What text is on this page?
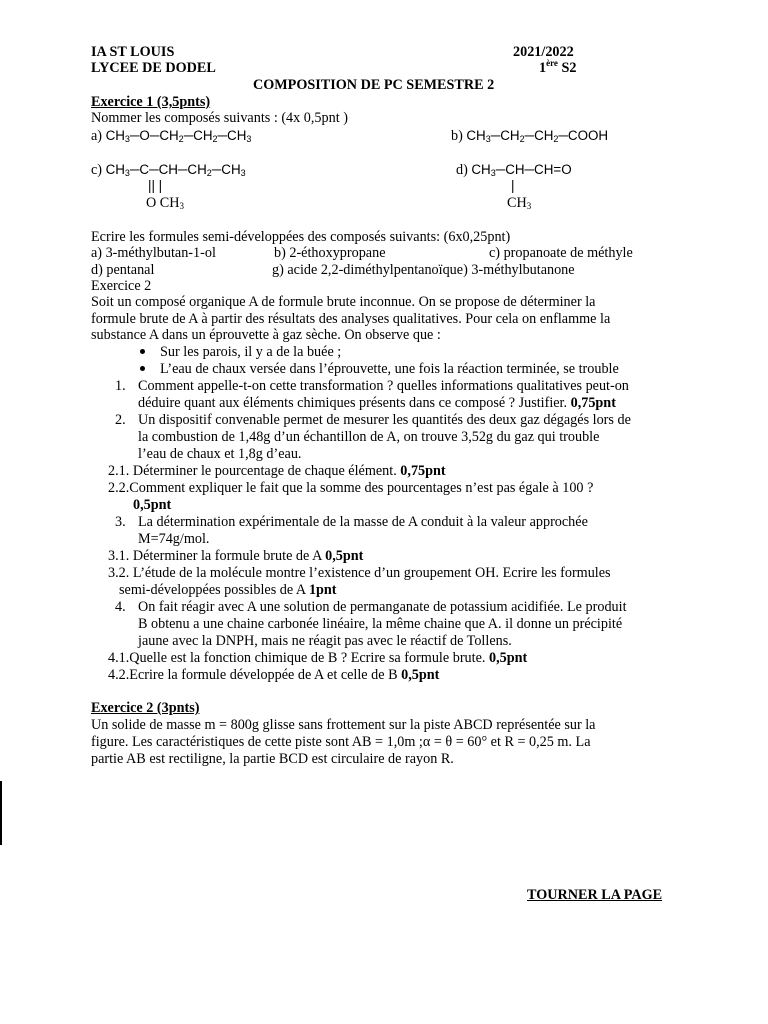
IA ST LOUIS	2021/2022
LYCEE DE DODEL	1ère S2
COMPOSITION DE PC SEMESTRE 2
Exercice 1 (3,5pnts)
Nommer les composés suivants : (4x 0,5pnt )
a) $CH_3─O─CH_2─CH_2─CH_3$	b) $CH_3─CH_2─CH_2─COOH$
c) $CH_3─C─CH─CH_2─CH_3$
|| |
O $CH_3$
d) $CH_3─CH─CH=O$
|
$CH_3$
Ecrire les formules semi-développées des composés suivants: (6x0,25pnt)
a) 3-méthylbutan-1-ol	b) 2-éthoxypropane	c) propanoate de méthyle
d) pentanal	g) acide 2,2-diméthylpentanoïque) 3-méthylbutanone
Exercice 2
Soit un composé organique A de formule brute inconnue. On se propose de déterminer la
formule brute de A à partir des résultats des analyses qualitatives. Pour cela on enflamme la
substance A dans un éprouvette à gaz sèche. On observe que :
Sur les parois, il y a de la buée ;
L’eau de chaux versée dans l’éprouvette, une fois la réaction terminée, se trouble
1. Comment appelle-t-on cette transformation ? quelles informations qualitatives peut-on
déduire quant aux éléments chimiques présents dans ce composé ? Justifier. 0,75pnt
2. Un dispositif convenable permet de mesurer les quantités des deux gaz dégagés lors de
la combustion de 1,48g d’un échantillon de A, on trouve 3,52g du gaz qui trouble
l’eau de chaux et 1,8g d’eau.
2.1. Déterminer le pourcentage de chaque élément. 0,75pnt
2.2.Comment expliquer le fait que la somme des pourcentages n’est pas égale à 100 ?
0,5pnt
3. La détermination expérimentale de la masse de A conduit à la valeur approchée
M=74g/mol.
3.1. Déterminer la formule brute de A 0,5pnt
3.2. L’étude de la molécule montre l’existence d’un groupement OH. Ecrire les formules
semi-développées possibles de A 1pnt
4. On fait réagir avec A une solution de permanganate de potassium acidifiée. Le produit
B obtenu a une chaine carbonée linéaire, la même chaine que A. il donne un précipité
jaune avec la DNPH, mais ne réagit pas avec le réactif de Tollens.
4.1.Quelle est la fonction chimique de B ? Ecrire sa formule brute. 0,5pnt
4.2.Ecrire la formule développée de A et celle de B 0,5pnt
Exercice 2 (3pnts)
Un solide de masse m = 800g glisse sans frottement sur la piste ABCD représentée sur la
figure. Les caractéristiques de cette piste sont AB = 1,0m ;α = θ = 60° et R = 0,25 m. La
partie AB est rectiligne, la partie BCD est circulaire de rayon R.
TOURNER LA PAGE
